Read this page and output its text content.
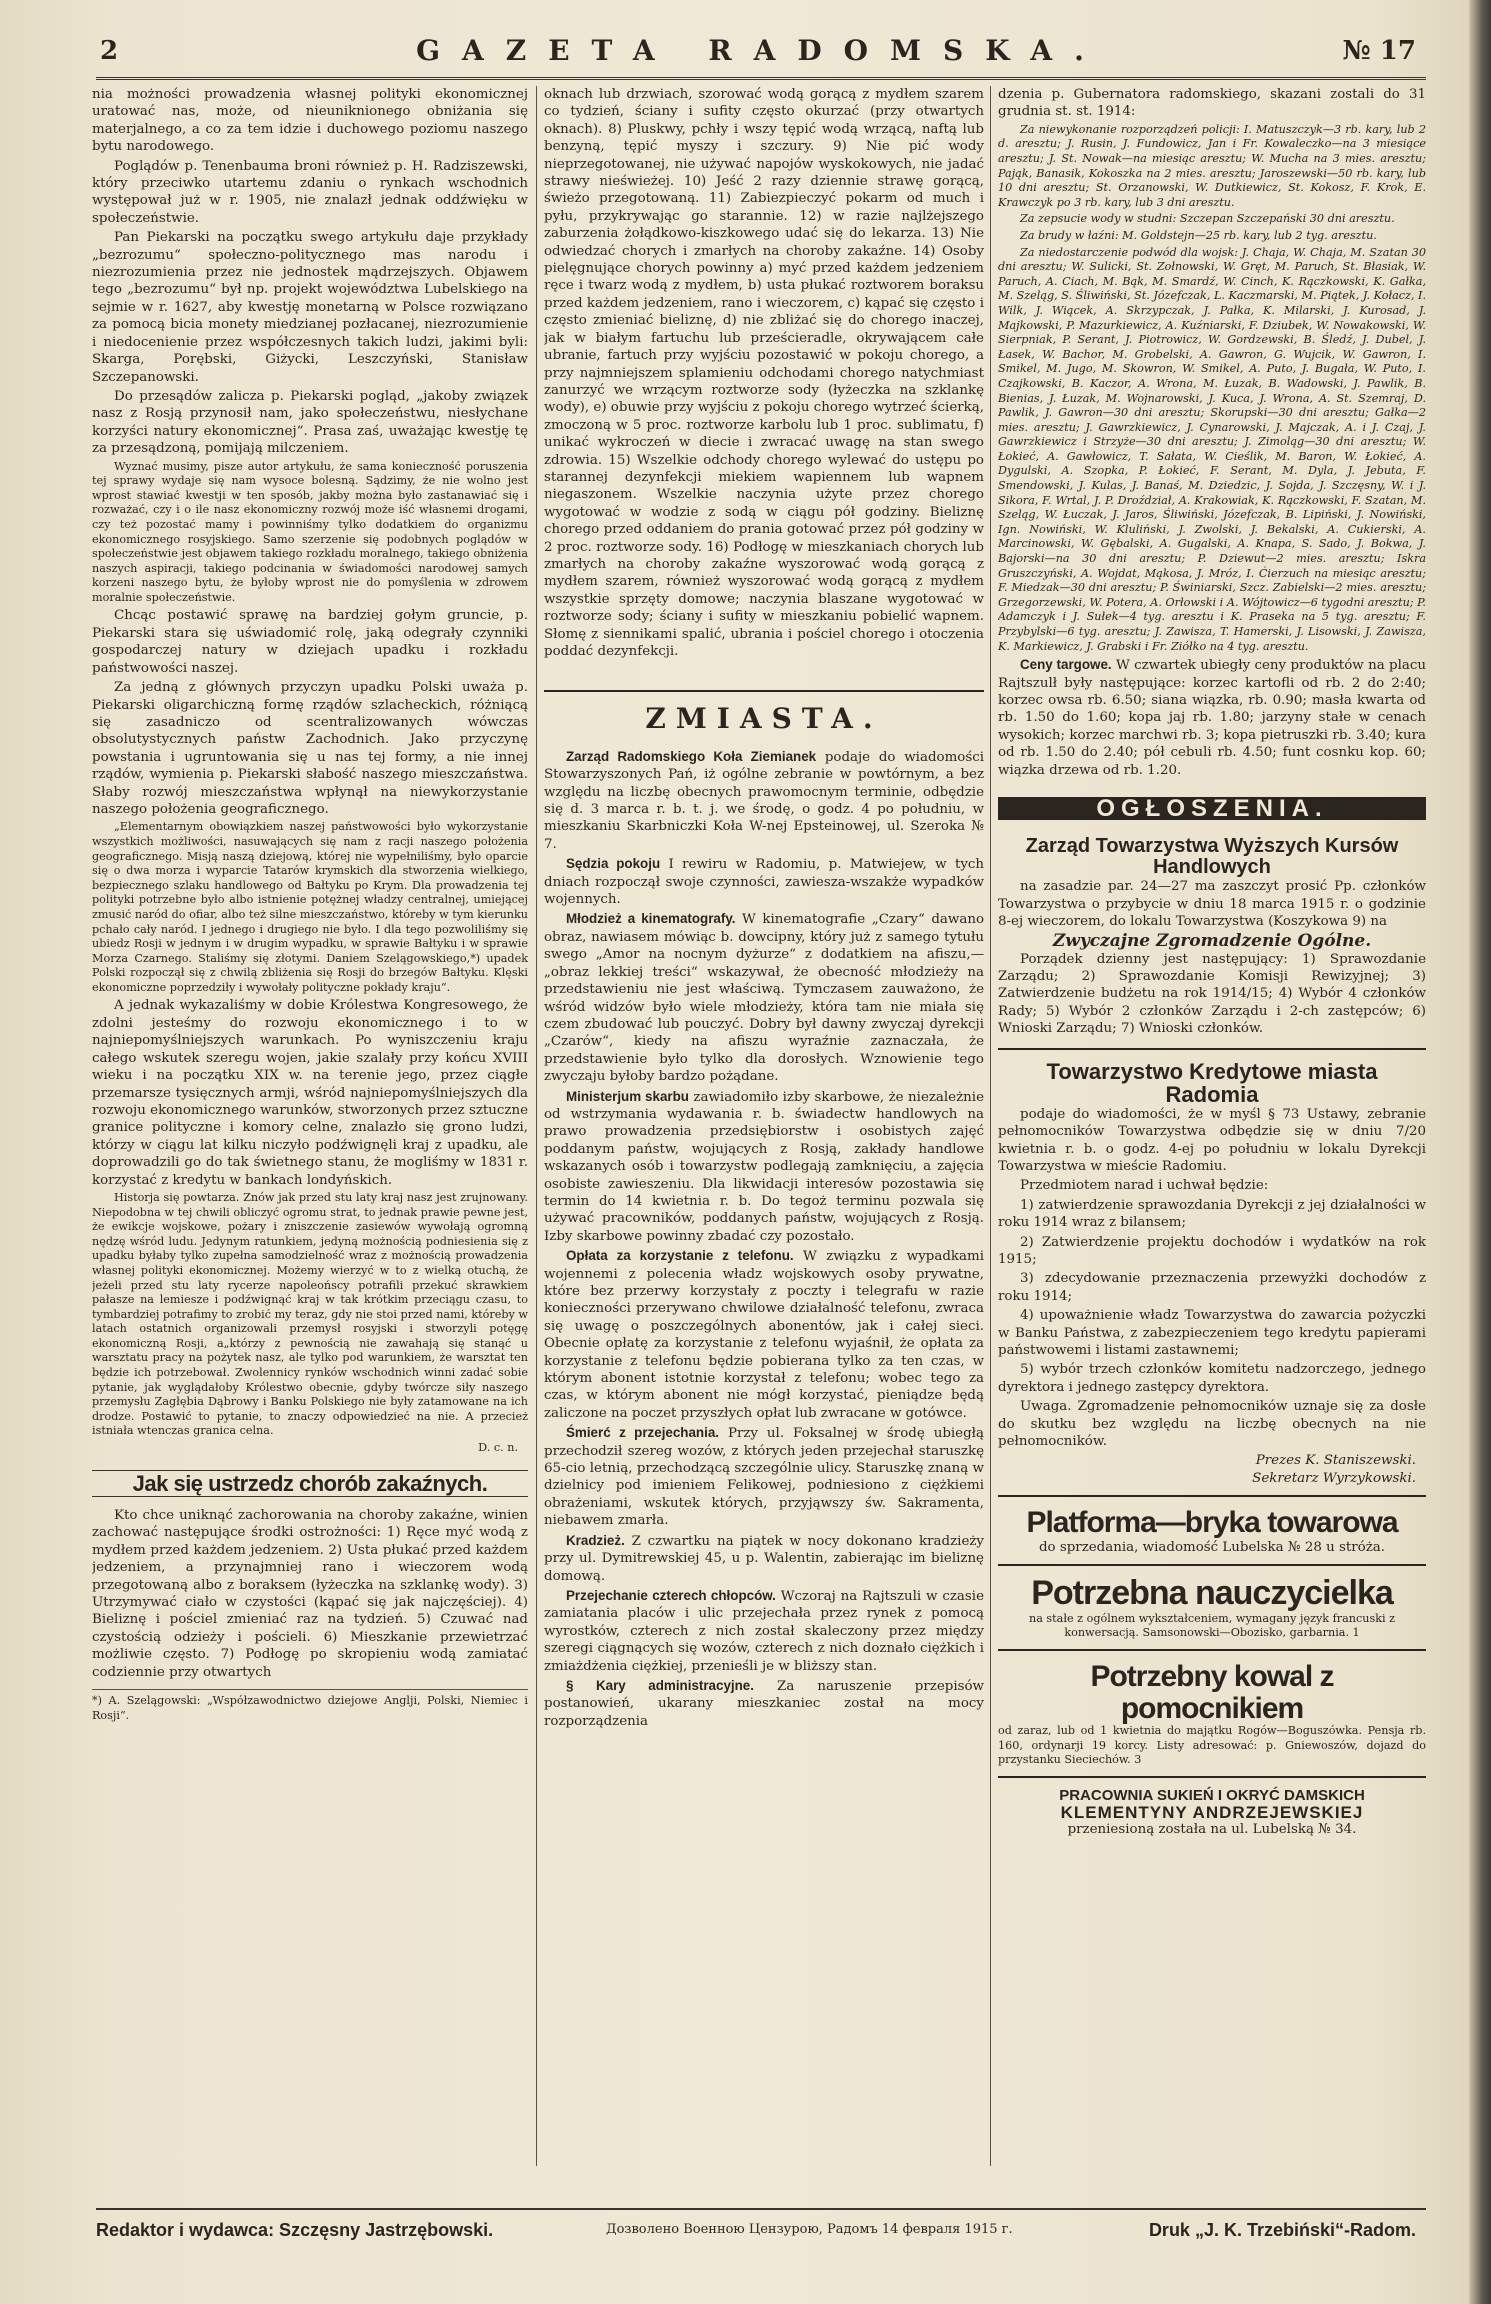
2	GAZETA RADOMSKA.	№ 17

nia możności prowadzenia własnej polityki ekonomicznej uratować nas, może, od nieuniknionego obniżania się materjalnego, a co za tem idzie i duchowego poziomu naszego bytu narodowego.

Poglądów p. Tenenbauma broni również p. H. Radziszewski, który przeciwko utartemu zdaniu o rynkach wschodnich występował już w r. 1905, nie znalazł jednak oddźwięku w społeczeństwie.

Pan Piekarski na początku swego artykułu daje przykłady „bezrozumu“ społeczno-politycznego mas narodu i niezrozumienia przez nie jednostek mądrzejszych. Objawem tego „bezrozumu“ był np. projekt województwa Lubelskiego na sejmie w r. 1627, aby kwestję monetarną w Polsce rozwiązano za pomocą bicia monety miedzianej pozłacanej, niezrozumienie i niedocenienie przez współczesnych takich ludzi, jakimi byli: Skarga, Porębski, Giżycki, Leszczyński, Stanisław Szczepanowski.

Do przesądów zalicza p. Piekarski pogląd, „jakoby związek nasz z Rosją przynosił nam, jako społeczeństwu, niesłychane korzyści natury ekonomicznej“. Prasa zaś, uważając kwestję tę za przesądzoną, pomijają milczeniem.

Wyznać musimy, pisze autor artykułu, że sama konieczność poruszenia tej sprawy wydaje się nam wysoce bolesną. Sądzimy, że nie wolno jest wprost stawiać kwestji w ten sposób, jakby można było zastanawiać się i rozważać, czy i o ile nasz ekonomiczny rozwój może iść własnemi drogami, czy też pozostać mamy i powinniśmy tylko dodatkiem do organizmu ekonomicznego rosyjskiego. Samo szerzenie się podobnych poglądów w społeczeństwie jest objawem takiego rozkładu moralnego, takiego obniżenia naszych aspiracji, takiego podcinania w świadomości narodowej samych korzeni naszego bytu, że byłoby wprost nie do pomyślenia w zdrowem moralnie społeczeństwie.

Chcąc postawić sprawę na bardziej gołym gruncie, p. Piekarski stara się uświadomić rolę, jaką odegrały czynniki gospodarczej natury w dziejach upadku i rozkładu państwowości naszej.

Za jedną z głównych przyczyn upadku Polski uważa p. Piekarski oligarchiczną formę rządów szlacheckich, różniącą się zasadniczo od scentralizowanych wówczas obsolutystycznych państw Zachodnich. Jako przyczynę powstania i ugruntowania się u nas tej formy, a nie innej rządów, wymienia p. Piekarski słabość naszego mieszczaństwa. Słaby rozwój mieszczaństwa wpłynął na niewykorzystanie naszego położenia geograficznego.

„Elementarnym obowiązkiem naszej państwowości było wykorzystanie wszystkich możliwości, nasuwających się nam z racji naszego położenia geograficznego. Misją naszą dziejową, której nie wypełniliśmy, było oparcie się o dwa morza i wyparcie Tatarów krymskich dla stworzenia wielkiego, bezpiecznego szlaku handlowego od Bałtyku po Krym. Dla prowadzenia tej polityki potrzebne było albo istnienie potężnej władzy centralnej, umiejącej zmusić naród do ofiar, albo też silne mieszczaństwo, któreby w tym kierunku pchało cały naród. I jednego i drugiego nie było. I dla tego pozwoliliśmy się ubiedz Rosji w jednym i w drugim wypadku, w sprawie Bałtyku i w sprawie Morza Czarnego. Staliśmy się złotymi. Daniem Szelągowskiego,*) upadek Polski rozpoczął się z chwilą zbliżenia się Rosji do brzegów Bałtyku. Klęski ekonomiczne poprzedziły i wywołały polityczne pokłady kraju“.

A jednak wykazaliśmy w dobie Królestwa Kongresowego, że zdolni jesteśmy do rozwoju ekonomicznego i to w najniepomyślniejszych warunkach. Po wyniszczeniu kraju całego wskutek szeregu wojen, jakie szalały przy końcu XVIII wieku i na początku XIX w. na terenie jego, przez ciągłe przemarsze tysięcznych armji, wśród najniepomyślniejszych dla rozwoju ekonomicznego warunków, stworzonych przez sztuczne granice polityczne i komory celne, znalazło się grono ludzi, którzy w ciągu lat kilku niczyło podźwignęli kraj z upadku, ale doprowadzili go do tak świetnego stanu, że mogliśmy w 1831 r. korzystać z kredytu w bankach londyńskich.

Historja się powtarza. Znów jak przed stu laty kraj nasz jest zrujnowany. Niepodobna w tej chwili obliczyć ogromu strat, to jednak prawie pewne jest, że ewikcje wojskowe, pożary i zniszczenie zasiewów wywołają ogromną nędzę wśród ludu. Jedynym ratunkiem, jedyną możnością podniesienia się z upadku byłaby tylko zupełna samodzielność wraz z możnością prowadzenia własnej polityki ekonomicznej. Możemy wierzyć w to z wielką otuchą, że jeżeli przed stu laty rycerze napoleońscy potrafili przekuć skrawkiem pałasze na lemiesze i podźwignąć kraj w tak krótkim przeciągu czasu, to tymbardziej potrafimy to zrobić my teraz, gdy nie stoi przed nami, któreby w latach ostatnich organizowali przemysł rosyjski i stworzyli potęgę ekonomiczną Rosji, a„którzy z pewnością nie zawahają się stanąć u warsztatu pracy na pożytek nasz, ale tylko pod warunkiem, że warsztat ten będzie ich potrzebował. Zwolennicy rynków wschodnich winni zadać sobie pytanie, jak wyglądałoby Królestwo obecnie, gdyby twórcze siły naszego przemysłu Zagłębia Dąbrowy i Banku Polskiego nie były zatamowane na ich drodze. Postawić to pytanie, to znaczy odpowiedzieć na nie. A przecież istniała wtenczas granica celna.

D. c. n.
Jak się ustrzedz chorób zakaźnych.

Kto chce uniknąć zachorowania na choroby zakaźne, winien zachować następujące środki ostrożności: 1) Ręce myć wodą z mydłem przed każdem jedzeniem. 2) Usta płukać przed każdem jedzeniem, a przynajmniej rano i wieczorem wodą przegotowaną albo z boraksem (łyżeczka na szklankę wody). 3) Utrzymywać ciało w czystości (kąpać się jak najczęściej). 4) Bieliznę i pościel zmieniać raz na tydzień. 5) Czuwać nad czystością odzieży i pościeli. 6) Mieszkanie przewietrzać możliwie często. 7) Podłogę po skropieniu wodą zamiatać codziennie przy otwartych

*) A. Szelągowski: „Współzawodnictwo dziejowe Anglji, Polski, Niemiec i Rosji“.

oknach lub drzwiach, szorować wodą gorącą z mydłem szarem co tydzień, ściany i sufity często okurzać (przy otwartych oknach). 8) Pluskwy, pchły i wszy tępić wodą wrzącą, naftą lub benzyną, tępić myszy i szczury. 9) Nie pić wody nieprzegotowanej, nie używać napojów wyskokowych, nie jadać strawy nieświeżej. 10) Jeść 2 razy dziennie strawę gorącą, świeżo przegotowaną. 11) Zabiezpieczyć pokarm od much i pyłu, przykrywając go starannie. 12) w razie najlżejszego zaburzenia żołądkowo-kiszkowego udać się do lekarza. 13) Nie odwiedzać chorych i zmarłych na choroby zakaźne. 14) Osoby pielęgnujące chorych powinny a) myć przed każdem jedzeniem ręce i twarz wodą z mydłem, b) usta płukać roztworem boraksu przed każdem jedzeniem, rano i wieczorem, c) kąpać się często i często zmieniać bieliznę, d) nie zbliżać się do chorego inaczej, jak w białym fartuchu lub prześcieradle, okrywającem całe ubranie, fartuch przy wyjściu pozostawić w pokoju chorego, a przy najmniejszem splamieniu odchodami chorego natychmiast zanurzyć we wrzącym roztworze sody (łyżeczka na szklankę wody), e) obuwie przy wyjściu z pokoju chorego wytrzeć ścierką, zmoczoną w 5 proc. roztworze karbolu lub 1 proc. sublimatu, f) unikać wykroczeń w diecie i zwracać uwagę na stan swego zdrowia. 15) Wszelkie odchody chorego wylewać do ustępu po starannej dezynfekcji miekiem wapiennem lub wapnem niegaszonem. Wszelkie naczynia użyte przez chorego wygotować w wodzie z sodą w ciągu pół godziny. Bieliznę chorego przed oddaniem do prania gotować przez pół godziny w 2 proc. roztworze sody. 16) Podłogę w mieszkaniach chorych lub zmarłych na choroby zakaźne wyszorować wodą gorącą z mydłem szarem, również wyszorować wodą gorącą z mydłem wszystkie sprzęty domowe; naczynia blaszane wygotować w roztworze sody; ściany i sufity w mieszkaniu pobielić wapnem. Słomę z siennikami spalić, ubrania i pościel chorego i otoczenia poddać dezynfekcji.

ZMIASTA.

Zarząd Radomskiego Koła Ziemianek podaje do wiadomości Stowarzyszonych Pań, iż ogólne zebranie w powtórnym, a bez względu na liczbę obecnych prawomocnym terminie, odbędzie się d. 3 marca r. b. t. j. we środę, o godz. 4 po południu, w mieszkaniu Skarbniczki Koła W-nej Epsteinowej, ul. Szeroka № 7.

Sędzia pokoju I rewiru w Radomiu, p. Matwiejew, w tych dniach rozpoczął swoje czynności, zawiesza-wszakże wypadków wojennych.

Młodzież a kinematografy. W kinematografie „Czary“ dawano obraz, nawiasem mówiąc b. dowcipny, który już z samego tytułu swego „Amor na nocnym dyżurze“ z dodatkiem na afiszu,—„obraz lekkiej treści“ wskazywał, że obecność młodzieży na przedstawieniu nie jest właściwą. Tymczasem zauważono, że wśród widzów było wiele młodzieży, która tam nie miała się czem zbudować lub pouczyć. Dobry był dawny zwyczaj dyrekcji „Czarów“, kiedy na afiszu wyraźnie zaznaczała, że przedstawienie było tylko dla dorosłych. Wznowienie tego zwyczaju byłoby bardzo pożądane.

Ministerjum skarbu zawiadomiło izby skarbowe, że niezależnie od wstrzymania wydawania r. b. świadectw handlowych na prawo prowadzenia przedsiębiorstw i osobistych zajęć poddanym państw, wojujących z Rosją, zakłady handlowe wskazanych osób i towarzystw podlegają zamknięciu, a zajęcia osobiste zawieszeniu. Dla likwidacji interesów pozostawia się termin do 14 kwietnia r. b. Do tegoż terminu pozwala się używać pracowników, poddanych państw, wojujących z Rosją. Izby skarbowe powinny zbadać czy pozostało.

Opłata za korzystanie z telefonu. W związku z wypadkami wojennemi z polecenia władz wojskowych osoby prywatne, które bez przerwy korzystały z poczty i telegrafu w razie konieczności przerywano chwilowe działalność telefonu, zwraca się uwagę o poszczególnych abonentów, jak i całej sieci. Obecnie opłatę za korzystanie z telefonu wyjaśnił, że opłata za korzystanie z telefonu będzie pobierana tylko za ten czas, w którym abonent istotnie korzystał z telefonu; wobec tego za czas, w którym abonent nie mógł korzystać, pieniądze będą zaliczone na poczet przyszłych opłat lub zwracane w gotówce.

Śmierć z przejechania. Przy ul. Foksalnej w środę ubiegłą przechodził szereg wozów, z których jeden przejechał staruszkę 65-cio letnią, przechodzącą szczególnie ulicy. Staruszkę znaną w dzielnicy pod imieniem Felikowej, podniesiono z ciężkiemi obrażeniami, wskutek których, przyjąwszy św. Sakramenta, niebawem zmarła.

Kradzież. Z czwartku na piątek w nocy dokonano kradzieży przy ul. Dymitrewskiej 45, u p. Walentin, zabierając im bieliznę domową.

Przejechanie czterech chłopców. Wczoraj na Rajtszuli w czasie zamiatania placów i ulic przejechała przez rynek z pomocą wyrostków, czterech z nich został skaleczony przez między szeregi ciągnących się wozów, czterech z nich doznało ciężkich i zmiażdżenia ciężkiej, przenieśli je w bliższy stan.

§ Kary administracyjne. Za naruszenie przepisów postanowień, ukarany mieszkaniec został na mocy rozporządzenia

dzenia p. Gubernatora radomskiego, skazani zostali do 31 grudnia st. st. 1914:

Za niewykonanie rozporządzeń policji: I. Matuszczyk—3 rb. kary, lub 2 d. aresztu; J. Rusin, J. Fundowicz, Jan i Fr. Kowaleczko—na 3 miesiące aresztu; J. St. Nowak—na miesiąc aresztu; W. Mucha na 3 mies. aresztu; Pająk, Banasik, Kokoszka na 2 mies. aresztu; Jaroszewski—50 rb. kary, lub 10 dni aresztu; St. Orzanowski, W. Dutkiewicz, St. Kokosz, F. Krok, E. Krawczyk po 3 rb. kary, lub 3 dni aresztu.

Za zepsucie wody w studni: Szczepan Szczepański 30 dni aresztu.

Za brudy w łaźni: M. Goldstejn—25 rb. kary, lub 2 tyg. aresztu.

Za niedostarczenie podwód dla wojsk: J. Chaja, W. Chaja, M. Szatan 30 dni aresztu; W. Sulicki, St. Zołnowski, W. Gręt, M. Paruch, St. Błasiak, W. Paruch, A. Ciach, M. Bąk, M. Smardź, W. Cinch, K. Rączkowski, K. Gałka, M. Szeląg, S. Śliwiński, St. Józefczak, L. Kaczmarski, M. Piątek, J. Kołacz, I. Wilk, J. Wiącek, A. Skrzypczak, J. Pałka, K. Milarski, J. Kurosad, J. Majkowski, P. Mazurkiewicz, A. Kuźniarski, F. Dziubek, W. Nowakowski, W. Sierpniak, P. Serant, J. Piotrowicz, W. Gordzewski, B. Śledź, J. Dubel, J. Łasek, W. Bachor, M. Grobelski, A. Gawron, G. Wujcik, W. Gawron, I. Smikel, M. Jugo, M. Skowron, W. Smikel, A. Puto, J. Bugała, W. Puto, I. Czajkowski, B. Kaczor, A. Wrona, M. Łuzak, B. Wadowski, J. Pawlik, B. Bienias, J. Łuzak, M. Wojnarowski, J. Kuca, J. Wrona, A. St. Szemraj, D. Pawlik, J. Gawron—30 dni aresztu; Skorupski—30 dni aresztu; Gałka—2 mies. aresztu; J. Gawrzkiewicz, J. Cynarowski, J. Majczak, A. i J. Czaj, J. Gawrzkiewicz i Strzyże—30 dni aresztu; J. Zimoląg—30 dni aresztu; W. Łokieć, A. Gawłowicz, T. Sałata, W. Cieślik, M. Baron, W. Łokieć, A. Dygulski, A. Szopka, P. Łokieć, F. Serant, M. Dyla, J. Jebuta, F. Smendowski, J. Kulas, J. Banaś, M. Dziedzic, J. Sojda, J. Szczęsny, W. i J. Sikora, F. Wrtal, J. P. Droździał, A. Krakowiak, K. Rączkowski, F. Szatan, M. Szeląg, W. Łuczak, J. Jaros, Śliwiński, Józefczak, B. Lipiński, J. Nowiński, Ign. Nowiński, W. Kluliński, J. Zwolski, J. Bekalski, A. Cukierski, A. Marcinowski, W. Gębalski, A. Gugalski, A. Knapa, S. Sado, J. Bokwa, J. Bajorski—na 30 dni aresztu; P. Dziewut—2 mies. aresztu; Iskra Gruszczyński, A. Wojdat, Mąkosa, J. Mróz, I. Ćierzuch na miesiąc aresztu; F. Miedzak—30 dni aresztu; P. Świniarski, Szcz. Zabielski—2 mies. aresztu; Grzegorzewski, W. Potera, A. Orłowski i A. Wójtowicz—6 tygodni aresztu; P. Adamczyk i J. Sułek—4 tyg. aresztu i K. Praseka na 5 tyg. aresztu; F. Przybylski—6 tyg. aresztu; J. Zawisza, T. Hamerski, J. Lisowski, J. Zawisza, K. Markiewicz, J. Grabski i Fr. Ziółko na 4 tyg. aresztu.

Ceny targowe. W czwartek ubiegły ceny produktów na placu Rajtszulł były następujące: korzec kartofli od rb. 2 do 2:40; korzec owsa rb. 6.50; siana wiązka, rb. 0.90; masła kwarta od rb. 1.50 do 1.60; kopa jaj rb. 1.80; jarzyny stałe w cenach wysokich; korzec marchwi rb. 3; kopa pietruszki rb. 3.40; kura od rb. 1.50 do 2.40; pół cebuli rb. 4.50; funt cosnku kop. 60; wiązka drzewa od rb. 1.20.

OGŁOSZENIA.
Zarząd Towarzystwa Wyższych Kursów Handlowych

na zasadzie par. 24—27 ma zaszczyt prosić Pp. członków Towarzystwa o przybycie w dniu 18 marca 1915 r. o godzinie 8-ej wieczorem, do lokalu Towarzystwa (Koszykowa 9) na

Zwyczajne Zgromadzenie Ogólne.

Porządek dzienny jest następujący: 1) Sprawozdanie Zarządu; 2) Sprawozdanie Komisji Rewizyjnej; 3) Zatwierdzenie budżetu na rok 1914/15; 4) Wybór 4 członków Rady; 5) Wybór 2 członków Zarządu i 2-ch zastępców; 6) Wnioski Zarządu; 7) Wnioski członków.

Towarzystwo Kredytowe miasta Radomia

podaje do wiadomości, że w myśl § 73 Ustawy, zebranie pełnomocników Towarzystwa odbędzie się w dniu 7/20 kwietnia r. b. o godz. 4-ej po południu w lokalu Dyrekcji Towarzystwa w mieście Radomiu.

Przedmiotem narad i uchwał będzie:

1) zatwierdzenie sprawozdania Dyrekcji z jej działalności w roku 1914 wraz z bilansem;

2) Zatwierdzenie projektu dochodów i wydatków na rok 1915;

3) zdecydowanie przeznaczenia przewyżki dochodów z roku 1914;

4) upoważnienie władz Towarzystwa do zawarcia pożyczki w Banku Państwa, z zabezpieczeniem tego kredytu papierami państwowemi i listami zastawnemi;

5) wybór trzech członków komitetu nadzorczego, jednego dyrektora i jednego zastępcy dyrektora.

Uwaga. Zgromadzenie pełnomocników uznaje się za dosłe do skutku bez względu na liczbę obecnych na nie pełnomocników.

Prezes K. Staniszewski.
Sekretarz Wyrzykowski.
Platforma—bryka towarowa
do sprzedania, wiadomość Lubelska № 28 u stróża.
Potrzebna nauczycielka
na stałe z ogólnem wykształceniem, wymagany język francuski z konwersacją. Samsonowski—Obozisko, garbarnia. 1
Potrzebny kowal z pomocnikiem
od zaraz, lub od 1 kwietnia do majątku Rogów—Boguszówka. Pensja rb. 160, ordynarji 19 korcy. Listy adresować: p. Gniewoszów, dojazd do przystanku Sieciechów. 3
PRACOWNIA SUKIEŃ I OKRYĆ DAMSKICH
KLEMENTYNY ANDRZEJEWSKIEJ
przeniesioną została na ul. Lubelską № 34.
Redaktor i wydawca: Szczęsny Jastrzębowski.	Дозволено Военною Цензурою, Радомъ 14 февраля 1915 г.	Druk „J. K. Trzebiński“-Radom.
